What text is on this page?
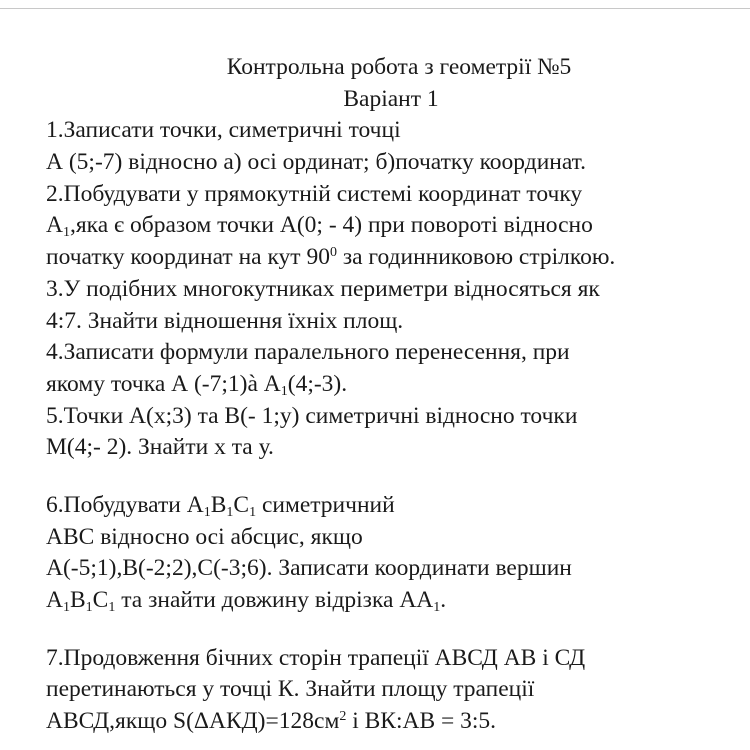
Контрольна робота з геометрії №5
Варіант 1
1.Записати точки, симетричні точці
А (5;-7) відносно а) осі ординат; б)початку координат.
2.Побудувати у прямокутній системі координат точку
$А_1,яка$ є образом точки А(0; - 4) при повороті відносно
початку координат на кут $90^0$ за годинниковою стрілкою.
3.У подібних многокутниках периметри відносяться як
4:7. Знайти відношення їхніх площ.
4.Записати формули паралельного перенесення, при
якому точка А (-7;1)à $А_1(4;-3)$.
5.Точки А(х;3) та В(- 1;у) симетричні відносно точки
М(4;- 2). Знайти х та у.
6.Побудувати $А_1В_1С_1$ симетричний
АВС відносно осі абсцис, якщо
А(-5;1),В(-2;2),С(-3;6). Записати координати вершин
$А_1В_1С_1$ та знайти довжину відрізка $АА_1$.
7.Продовження бічних сторін трапеції АВСД АВ і СД
перетинаються у точці К. Знайти площу трапеції
АВСД,якщо $S(\Delta АКД)=128см^2$ і ВК:АВ = 3:5.
